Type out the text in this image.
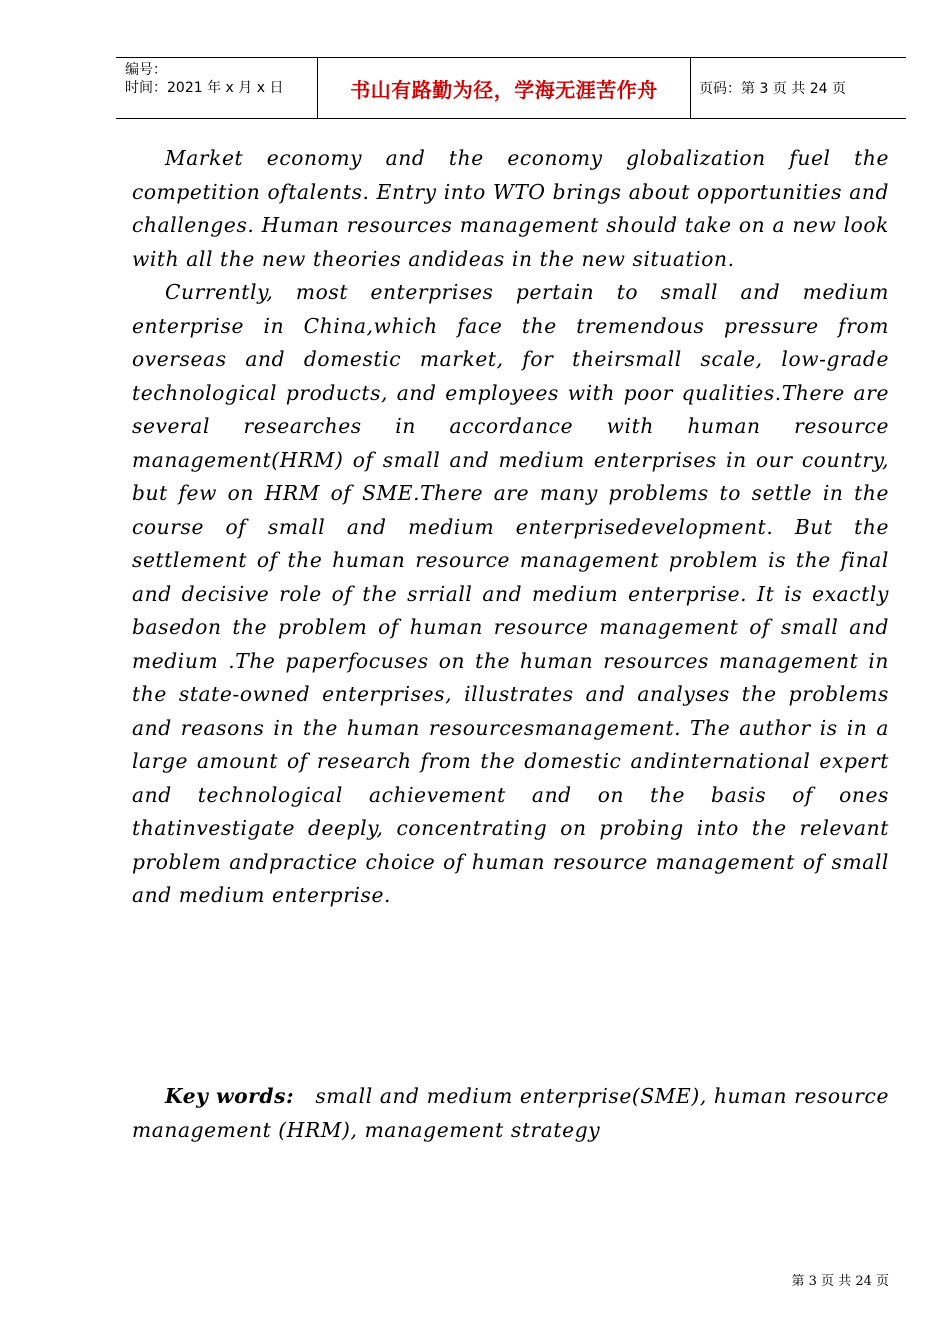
编号：
时间：2021 年 x 月 x 日	书山有路勤为径，学海无涯苦作舟	页码：第 3 页 共 24 页

Market economy and the economy globalization fuel the competition oftalents. Entry into WTO brings about opportunities and challenges. Human resources management should take on a new look with all the new theories andideas in the new situation.

Currently, most enterprises pertain to small and medium enterprise in China,which face the tremendous pressure from overseas and domestic market, for theirsmall scale, low-grade technological products, and employees with poor qualities.There are several researches in accordance with human resource management(HRM) of small and medium enterprises in our country, but few on HRM of SME.There are many problems to settle in the course of small and medium enterprisedevelopment. But the settlement of the human resource management problem is the final and decisive role of the srriall and medium enterprise. It is exactly basedon the problem of human resource management of small and medium .The paperfocuses on the human resources management in the state-owned enterprises, illustrates and analyses the problems and reasons in the human resourcesmanagement. The author is in a large amount of research from the domestic andinternational expert and technological achievement and on the basis of ones thatinvestigate deeply, concentrating on probing into the relevant problem andpractice choice of human resource management of small and medium enterprise.

Key words: small and medium enterprise(SME), human resource management (HRM), management strategy

第 3 页 共 24 页
